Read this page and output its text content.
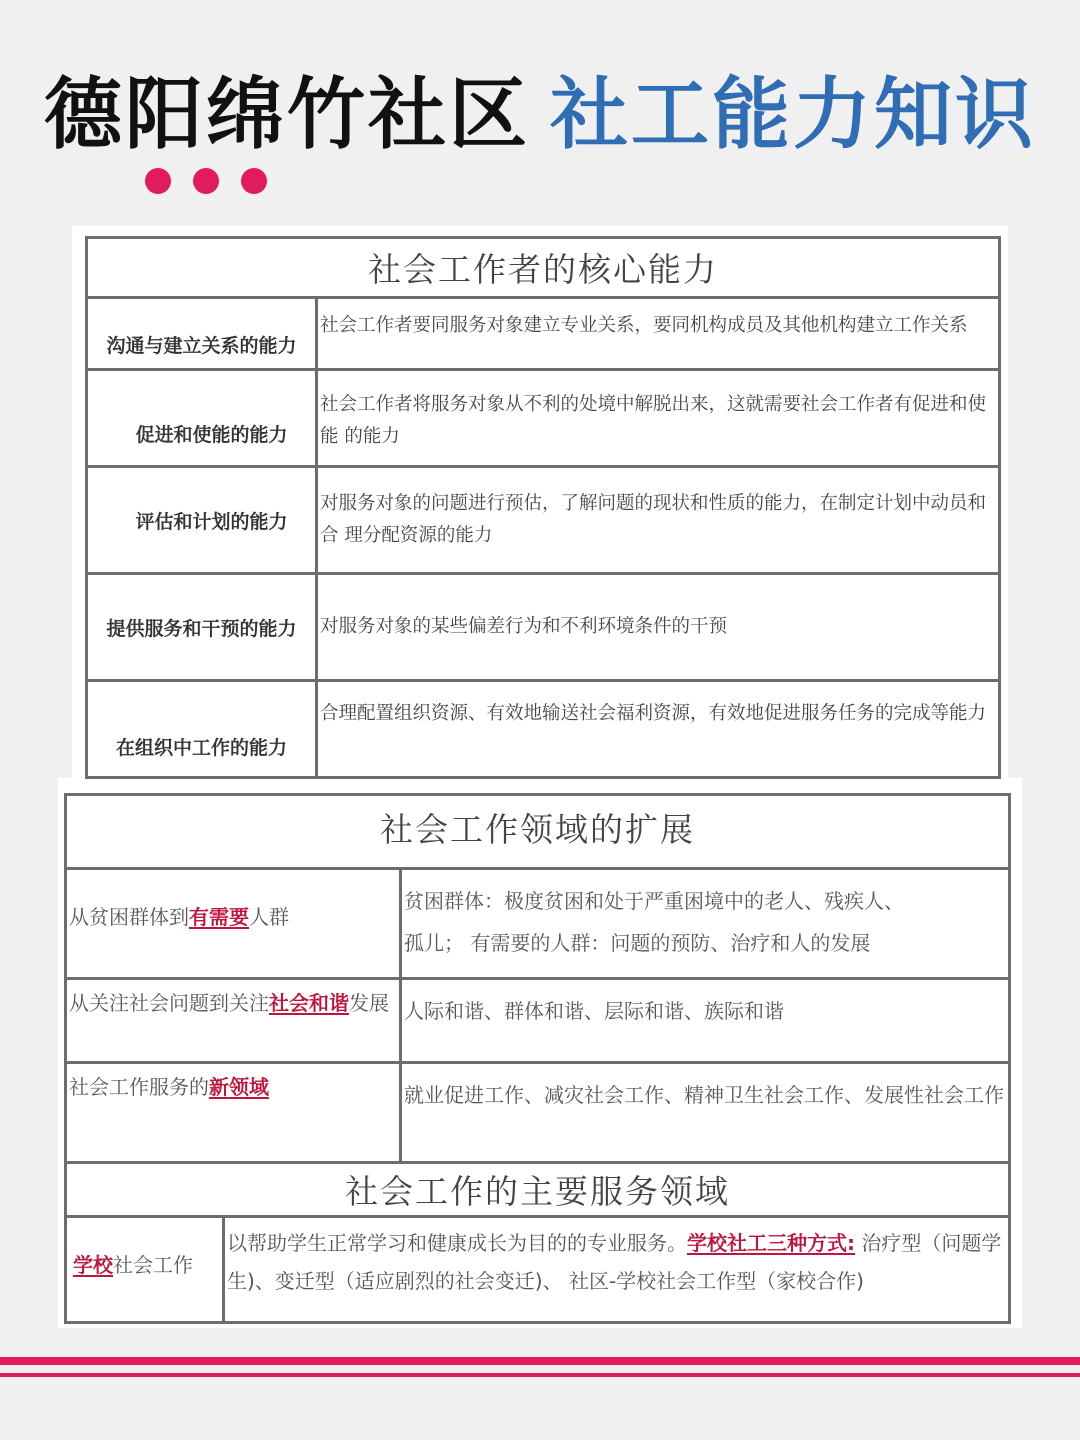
德阳绵竹社区 社工能力知识
社会工作者的核心能力	
沟通与建立关系的能力	社会工作者要同服务对象建立专业关系，要同机构成员及其他机构建立工作关系
促进和使能的能力	社会工作者将服务对象从不利的处境中解脱出来，这就需要社会工作者有促进和使能 的能力
评估和计划的能力	对服务对象的问题进行预估，了解问题的现状和性质的能力，在制定计划中动员和合 理分配资源的能力
提供服务和干预的能力	对服务对象的某些偏差行为和不利环境条件的干预
在组织中工作的能力	合理配置组织资源、有效地输送社会福利资源，有效地促进服务任务的完成等能力
社会工作领域的扩展		
从贫困群体到有需要人群		贫困群体：极度贫困和处于严重困境中的老人、残疾人、
孤儿； 有需要的人群：问题的预防、治疗和人的发展

从关注社会问题到关注社会和谐发展		人际和谐、群体和谐、层际和谐、族际和谐

社会工作服务的新领域		就业促进工作、减灾社会工作、精神卫生社会工作、发展性社会工作

社会工作的主要服务领域		
学校社会工作	以帮助学生正常学习和健康成长为目的的专业服务。学校社工三种方式: 治疗型（问题学生)、变迁型（适应剧烈的社会变迁)、 社区-学校社会工作型（家校合作)	
